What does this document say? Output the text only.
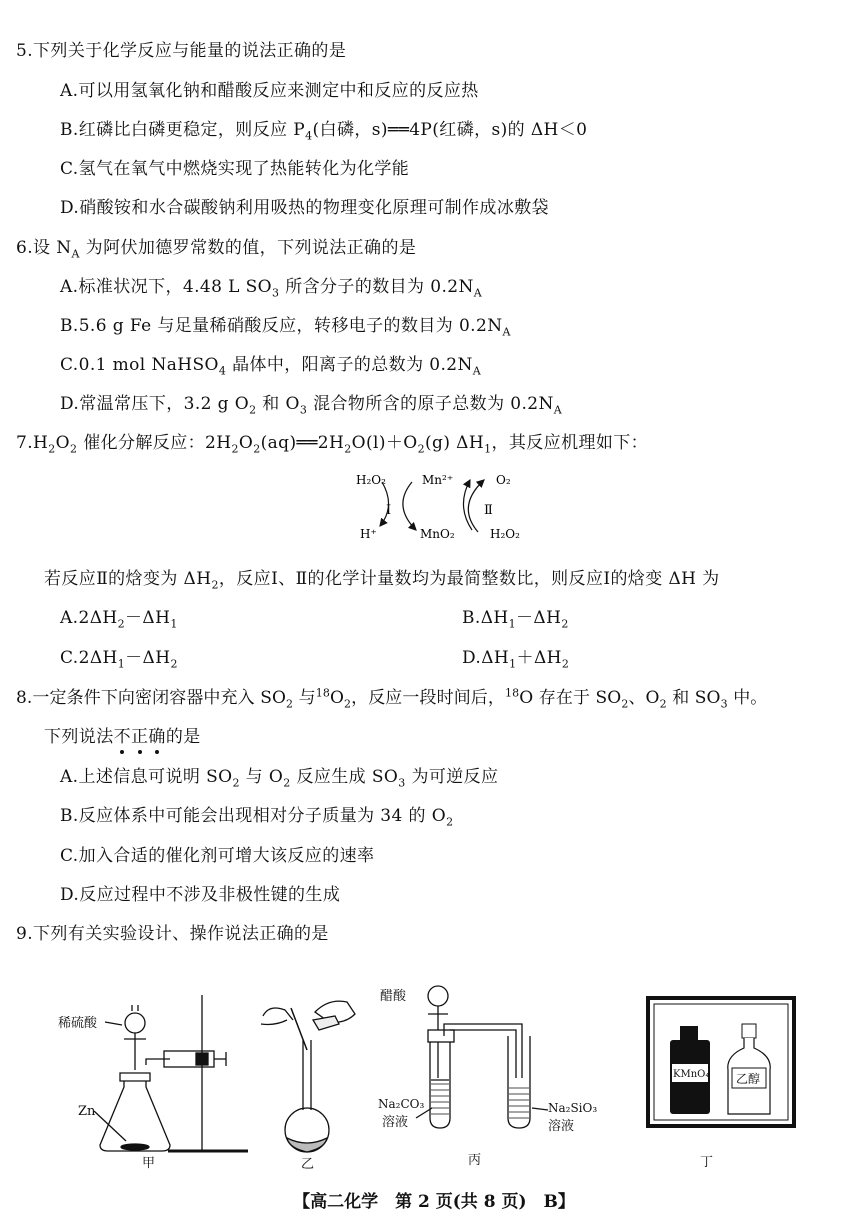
5.下列关于化学反应与能量的说法正确的是
A.可以用氢氧化钠和醋酸反应来测定中和反应的反应热
B.红磷比白磷更稳定，则反应 $P_4$(白磷，s)══4P(红磷，s)的 ΔH＜0
C.氢气在氧气中燃烧实现了热能转化为化学能
D.硝酸铵和水合碳酸钠利用吸热的物理变化原理可制作成冰敷袋
6.设 $N_A$ 为阿伏加德罗常数的值，下列说法正确的是
A.标准状况下，4.48 L $SO_3$ 所含分子的数目为 $0.2N_A$
B.5.6 g Fe 与足量稀硝酸反应，转移电子的数目为 $0.2N_A$
C.0.1 mol NaHSO$_4$ 晶体中，阳离子的总数为 $0.2N_A$
D.常温常压下，3.2 g $O_2$ 和 $O_3$ 混合物所含的原子总数为 $0.2N_A$
$7.H_2O_2$ 催化分解反应：$2H_2O_2(aq)══2H_2O(l)+O_2(g)$ $\Delta H_1$，其反应机理如下：
H₂O₂
H⁺
Mn²⁺
MnO₂
O₂
H₂O₂
Ⅰ	Ⅱ
若反应Ⅱ的焓变为 $\Delta H_2$，反应Ⅰ、Ⅱ的化学计量数均为最简整数比，则反应Ⅰ的焓变 ΔH 为
$A.2\Delta H_2-\Delta H_1$	$B.\Delta H_1-\Delta H_2$
$C.2\Delta H_1-\Delta H_2$	$D.\Delta H_1+\Delta H_2$
8.一定条件下向密闭容器中充入 $SO_2$ 与$^{18}O_2$，反应一段时间后，$^{18}$O 存在于 $SO_2$、$O_2$ 和 $SO_3$ 中。
下列说法不正确的是
A.上述信息可说明 $SO_2$ 与 $O_2$ 反应生成 $SO_3$ 为可逆反应
B.反应体系中可能会出现相对分子质量为 34 的 $O_2$
C.加入合适的催化剂可增大该反应的速率
D.反应过程中不涉及非极性键的生成
9.下列有关实验设计、操作说法正确的是
稀硫酸
Zn
甲	乙
醋酸
Na₂CO₃
溶液
Na₂SiO₃
溶液
丙
KMnO₄ 乙醇
丁
【高二化学　第 2 页(共 8 页)　B】
